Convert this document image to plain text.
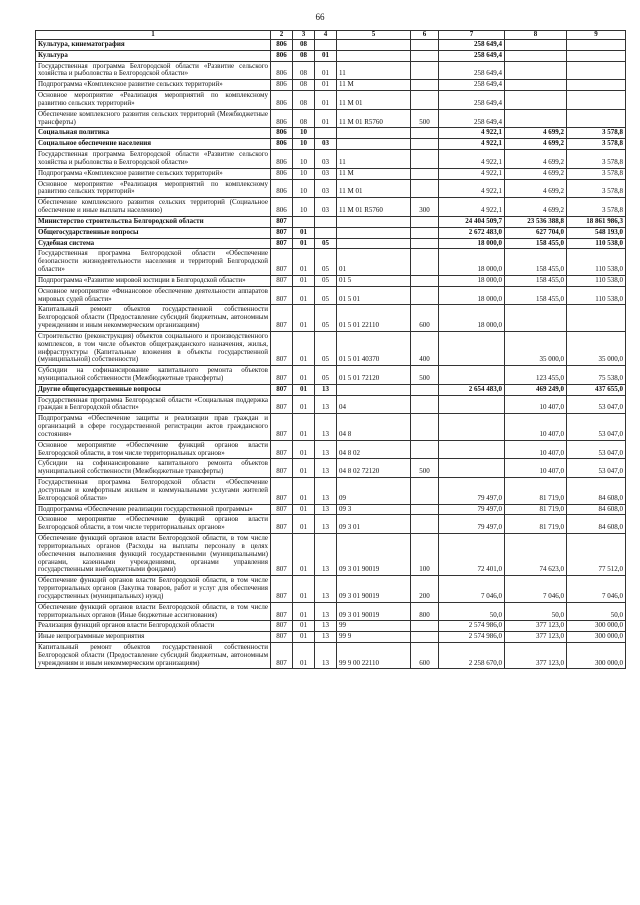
66
1	2	3	4	5	6	7	8	9
Культура, кинематография	806	08				258 649,4		
Культура	806	08	01			258 649,4		
Государственная программа Белгородской области «Развитие сельского хозяйства и рыболовства в Белгородской области»	806	08	01	11		258 649,4		
Подпрограмма «Комплексное развитие сельских территорий»	806	08	01	11 М		258 649,4		
Основное мероприятие «Реализация мероприятий по комплексному развитию сельских территорий»	806	08	01	11 М 01		258 649,4		
Обеспечение комплексного развития сельских территорий (Межбюджетные трансферты)	806	08	01	11 М 01 R5760	500	258 649,4		
Социальная политика	806	10				4 922,1	4 699,2	3 578,8
Социальное обеспечение населения	806	10	03			4 922,1	4 699,2	3 578,8
Государственная программа Белгородской области «Развитие сельского хозяйства и рыболовства в Белгородской области»	806	10	03	11		4 922,1	4 699,2	3 578,8
Подпрограмма «Комплексное развитие сельских территорий»	806	10	03	11 М		4 922,1	4 699,2	3 578,8
Основное мероприятие «Реализация мероприятий по комплексному развитию сельских территорий»	806	10	03	11 М 01		4 922,1	4 699,2	3 578,8
Обеспечение комплексного развития сельских территорий (Социальное обеспечение и иные выплаты населению)	806	10	03	11 М 01 R5760	300	4 922,1	4 699,2	3 578,8
Министерство строительства Белгородской области	807					24 404 509,7	23 536 388,8	18 861 986,3
Общегосударственные вопросы	807	01				2 672 483,0	627 704,0	548 193,0
Судебная система	807	01	05			18 000,0	158 455,0	110 538,0
Государственная программа Белгородской области «Обеспечение безопасности жизнедеятельности населения и территорий Белгородской области»	807	01	05	01		18 000,0	158 455,0	110 538,0
Подпрограмма «Развитие мировой юстиции в Белгородской области»	807	01	05	01 5		18 000,0	158 455,0	110 538,0
Основное мероприятие «Финансовое обеспечение деятельности аппаратов мировых судей области»	807	01	05	01 5 01		18 000,0	158 455,0	110 538,0
Капитальный ремонт объектов государственной собственности Белгородской области (Предоставление субсидий бюджетным, автономным учреждениям и иным некоммерческим организациям)	807	01	05	01 5 01 22110	600	18 000,0		
Строительство (реконструкция) объектов социального и производственного комплексов, в том числе объектов общегражданского назначения, жилья, инфраструктуры (Капитальные вложения в объекты государственной (муниципальной) собственности)	807	01	05	01 5 01 40370	400		35 000,0	35 000,0
Субсидии на софинансирование капитального ремонта объектов муниципальной собственности (Межбюджетные трансферты)	807	01	05	01 5 01 72120	500		123 455,0	75 538,0
Другие общегосударственные вопросы	807	01	13			2 654 483,0	469 249,0	437 655,0
Государственная программа Белгородской области «Социальная поддержка граждан в Белгородской области»	807	01	13	04			10 407,0	53 047,0
Подпрограмма «Обеспечение защиты и реализации прав граждан и организаций в сфере государственной регистрации актов гражданского состояния»	807	01	13	04 8			10 407,0	53 047,0
Основное мероприятие «Обеспечение функций органов власти Белгородской области, в том числе территориальных органов»	807	01	13	04 8 02			10 407,0	53 047,0
Субсидии на софинансирование капитального ремонта объектов муниципальной собственности (Межбюджетные трансферты)	807	01	13	04 8 02 72120	500		10 407,0	53 047,0
Государственная программа Белгородской области «Обеспечение доступным и комфортным жильем и коммунальными услугами жителей Белгородской области»	807	01	13	09		79 497,0	81 719,0	84 608,0
Подпрограмма «Обеспечение реализации государственной программы»	807	01	13	09 3		79 497,0	81 719,0	84 608,0
Основное мероприятие «Обеспечение функций органов власти Белгородской области, в том числе территориальных органов»	807	01	13	09 3 01		79 497,0	81 719,0	84 608,0
Обеспечение функций органов власти Белгородской области, в том числе территориальных органов (Расходы на выплаты персоналу в целях обеспечения выполнения функций государственными (муниципальными) органами, казенными учреждениями, органами управления государственными внебюджетными фондами)	807	01	13	09 3 01 90019	100	72 401,0	74 623,0	77 512,0
Обеспечение функций органов власти Белгородской области, в том числе территориальных органов (Закупка товаров, работ и услуг для обеспечения государственных (муниципальных) нужд)	807	01	13	09 3 01 90019	200	7 046,0	7 046,0	7 046,0
Обеспечение функций органов власти Белгородской области, в том числе территориальных органов (Иные бюджетные ассигнования)	807	01	13	09 3 01 90019	800	50,0	50,0	50,0
Реализация функций органов власти Белгородской области	807	01	13	99		2 574 986,0	377 123,0	300 000,0
Иные непрограммные мероприятия	807	01	13	99 9		2 574 986,0	377 123,0	300 000,0
Капитальный ремонт объектов государственной собственности Белгородской области (Предоставление субсидий бюджетным, автономным учреждениям и иным некоммерческим организациям)	807	01	13	99 9 00 22110	600	2 258 670,0	377 123,0	300 000,0
